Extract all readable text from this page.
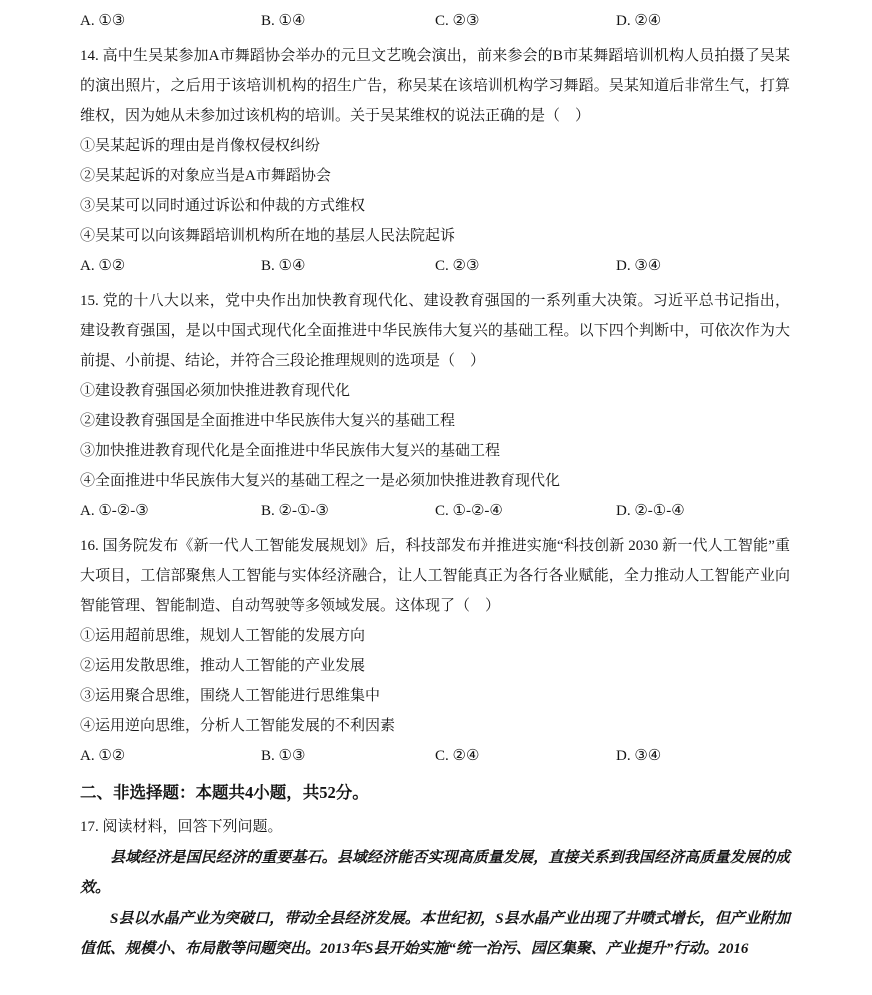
A. ①③	B. ①④	C. ②③	D. ②④
14. 高中生吴某参加A市舞蹈协会举办的元旦文艺晚会演出，前来参会的B市某舞蹈培训机构人员拍摄了吴某的演出照片，之后用于该培训机构的招生广告，称吴某在该培训机构学习舞蹈。吴某知道后非常生气，打算维权，因为她从未参加过该机构的培训。关于吴某维权的说法正确的是（　）
①吴某起诉的理由是肖像权侵权纠纷
②吴某起诉的对象应当是A市舞蹈协会
③吴某可以同时通过诉讼和仲裁的方式维权
④吴某可以向该舞蹈培训机构所在地的基层人民法院起诉
A. ①②	B. ①④	C. ②③	D. ③④
15. 党的十八大以来，党中央作出加快教育现代化、建设教育强国的一系列重大决策。习近平总书记指出，建设教育强国，是以中国式现代化全面推进中华民族伟大复兴的基础工程。以下四个判断中，可依次作为大前提、小前提、结论，并符合三段论推理规则的选项是（　）
①建设教育强国必须加快推进教育现代化
②建设教育强国是全面推进中华民族伟大复兴的基础工程
③加快推进教育现代化是全面推进中华民族伟大复兴的基础工程
④全面推进中华民族伟大复兴的基础工程之一是必须加快推进教育现代化
A. ①-②-③	B. ②-①-③	C. ①-②-④	D. ②-①-④
16. 国务院发布《新一代人工智能发展规划》后，科技部发布并推进实施“科技创新 2030 新一代人工智能”重大项目，工信部聚焦人工智能与实体经济融合，让人工智能真正为各行各业赋能，全力推动人工智能产业向智能管理、智能制造、自动驾驶等多领域发展。这体现了（　）
①运用超前思维，规划人工智能的发展方向
②运用发散思维，推动人工智能的产业发展
③运用聚合思维，围绕人工智能进行思维集中
④运用逆向思维，分析人工智能发展的不利因素
A. ①②	B. ①③	C. ②④	D. ③④
二、非选择题：本题共4小题，共52分。
17. 阅读材料，回答下列问题。
县域经济是国民经济的重要基石。县域经济能否实现高质量发展，直接关系到我国经济高质量发展的成效。
S县以水晶产业为突破口，带动全县经济发展。本世纪初，S县水晶产业出现了井喷式增长，但产业附加值低、规模小、布局散等问题突出。2013年S县开始实施“统一治污、园区集聚、产业提升”行动。2016
